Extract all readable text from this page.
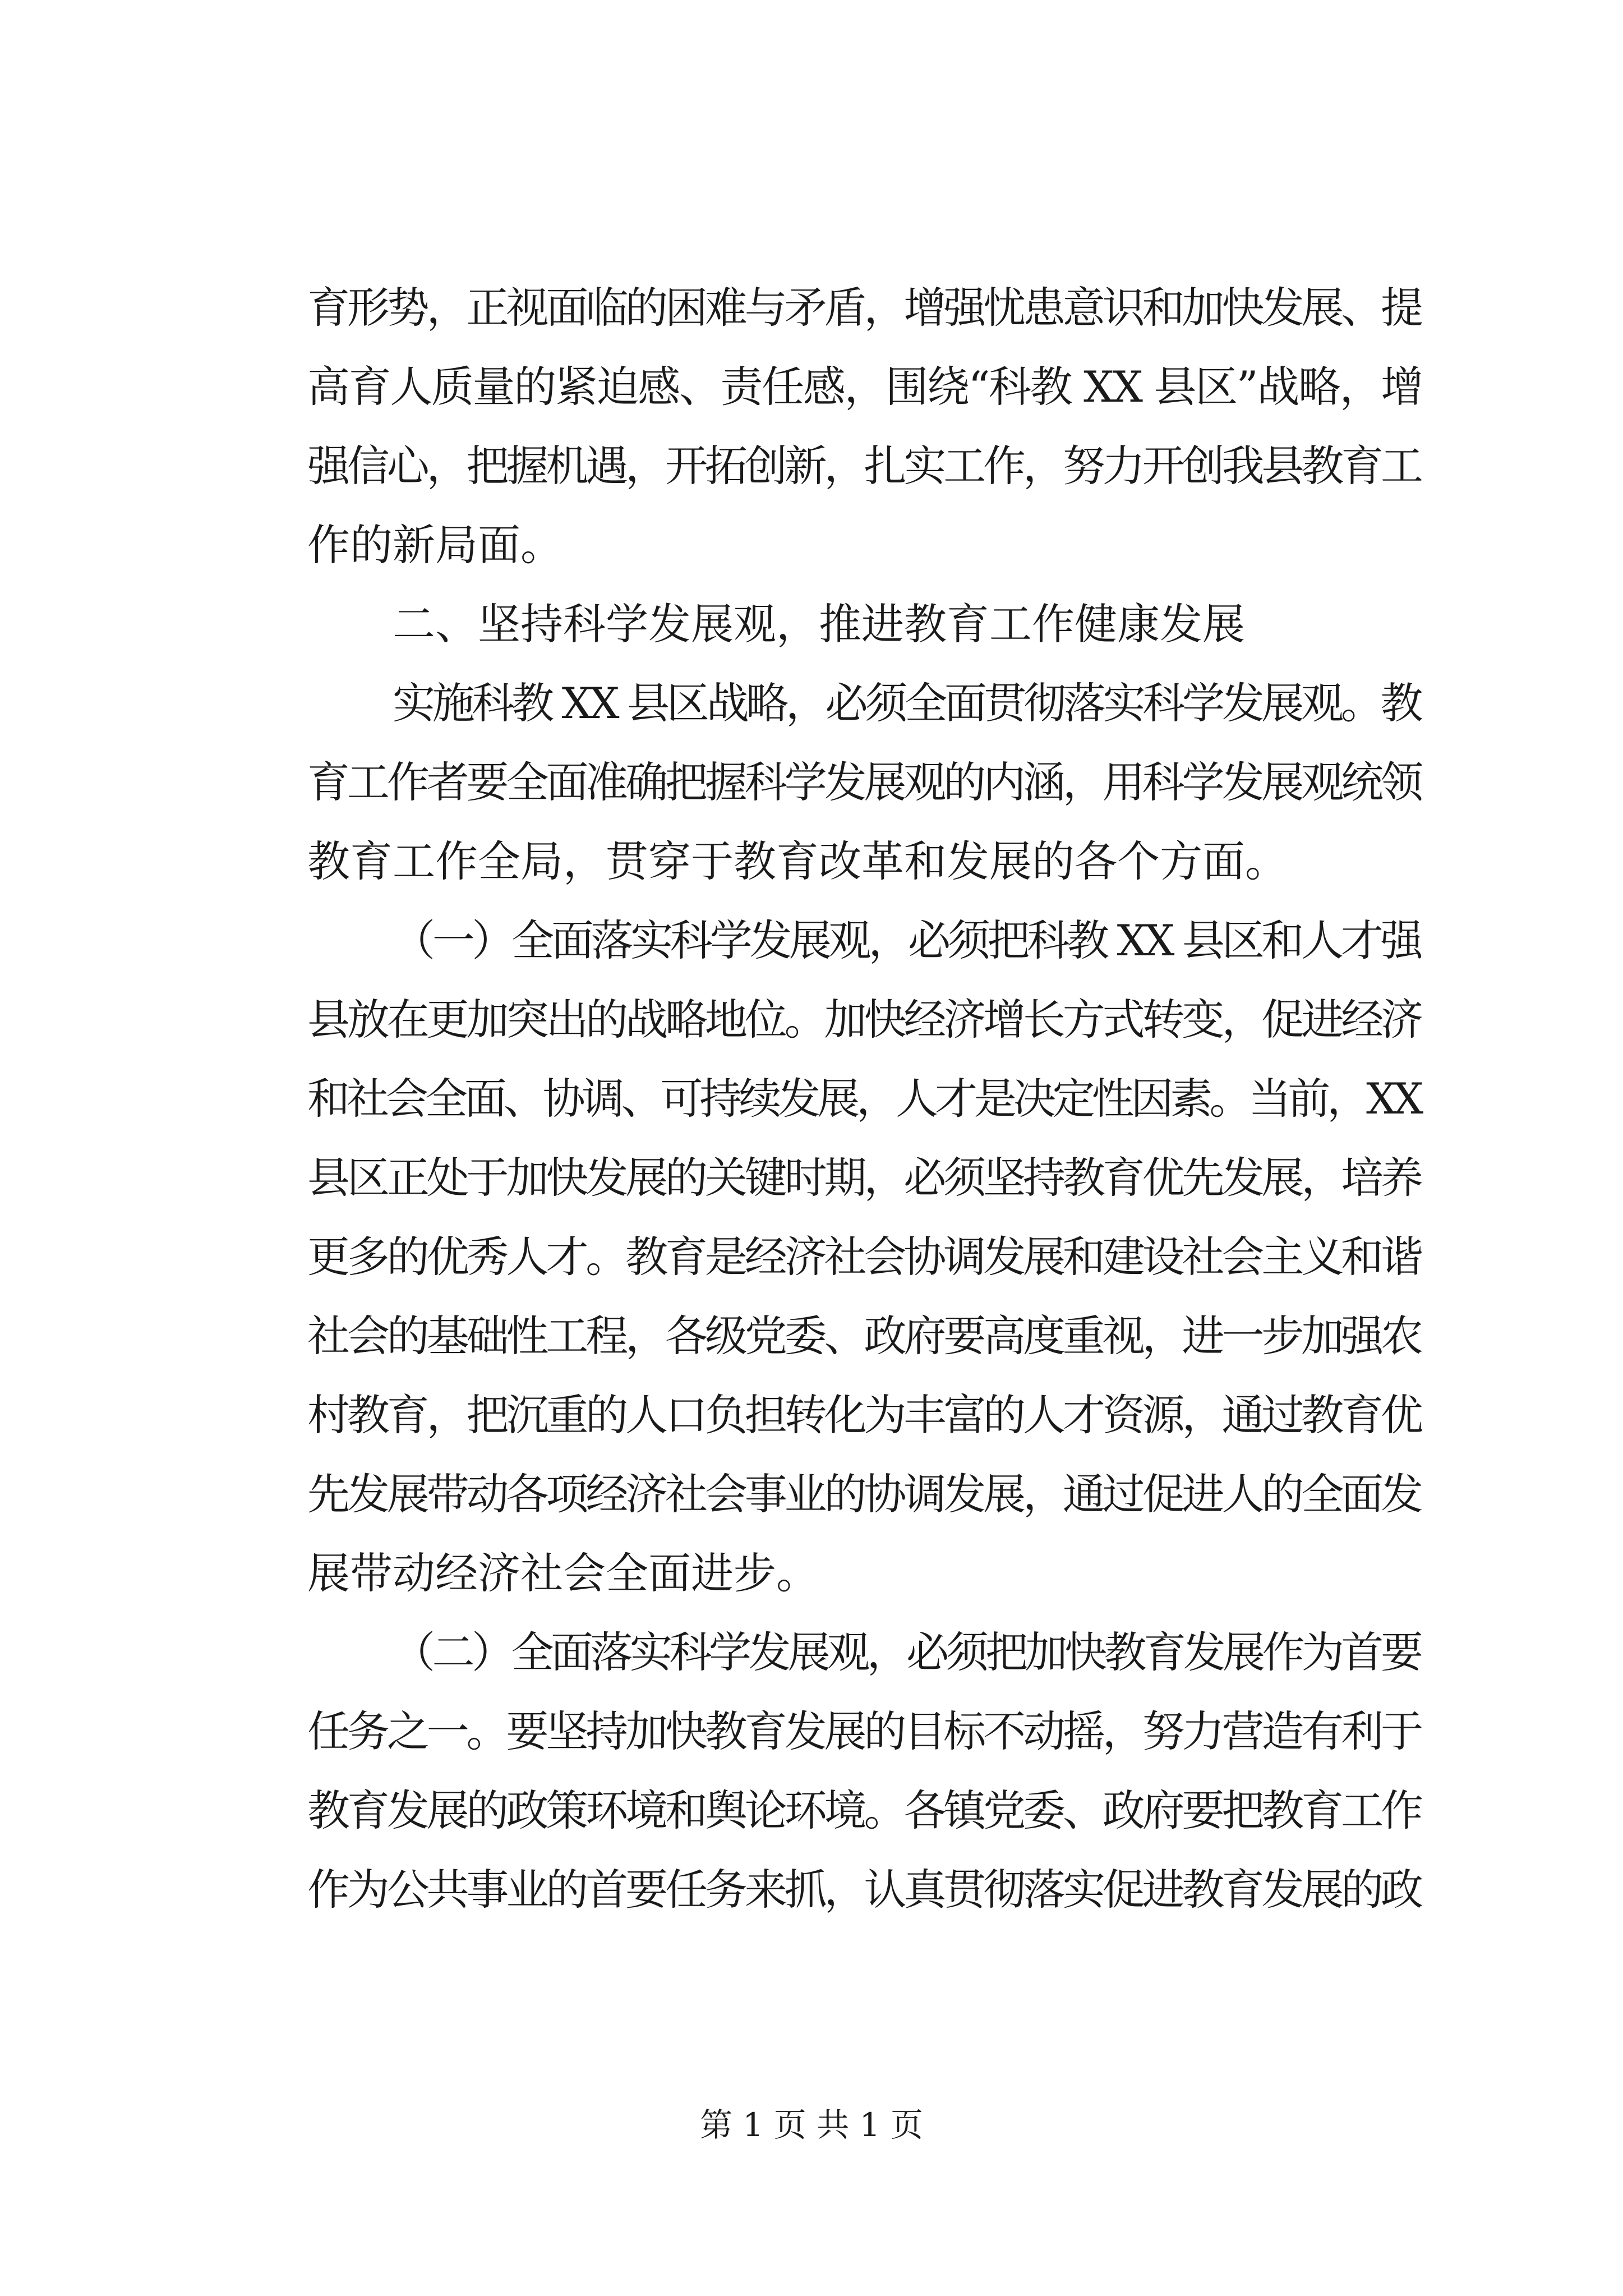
育形势，正视面临的困难与矛盾，增强忧患意识和加快发展、提
高育人质量的紧迫感、责任感，围绕“科教 XX 县区”战略，增
强信心，把握机遇，开拓创新，扎实工作，努力开创我县教育工
作的新局面。
二、坚持科学发展观，推进教育工作健康发展
实施科教 XX 县区战略，必须全面贯彻落实科学发展观。教
育工作者要全面准确把握科学发展观的内涵，用科学发展观统领
教育工作全局，贯穿于教育改革和发展的各个方面。
（一）全面落实科学发展观，必须把科教 XX 县区和人才强
县放在更加突出的战略地位。加快经济增长方式转变，促进经济
和社会全面、协调、可持续发展，人才是决定性因素。当前，XX
县区正处于加快发展的关键时期，必须坚持教育优先发展，培养
更多的优秀人才。教育是经济社会协调发展和建设社会主义和谐
社会的基础性工程，各级党委、政府要高度重视，进一步加强农
村教育，把沉重的人口负担转化为丰富的人才资源，通过教育优
先发展带动各项经济社会事业的协调发展，通过促进人的全面发
展带动经济社会全面进步。
（二）全面落实科学发展观，必须把加快教育发展作为首要
任务之一。要坚持加快教育发展的目标不动摇，努力营造有利于
教育发展的政策环境和舆论环境。各镇党委、政府要把教育工作
作为公共事业的首要任务来抓，认真贯彻落实促进教育发展的政
第 1 页 共 1 页
